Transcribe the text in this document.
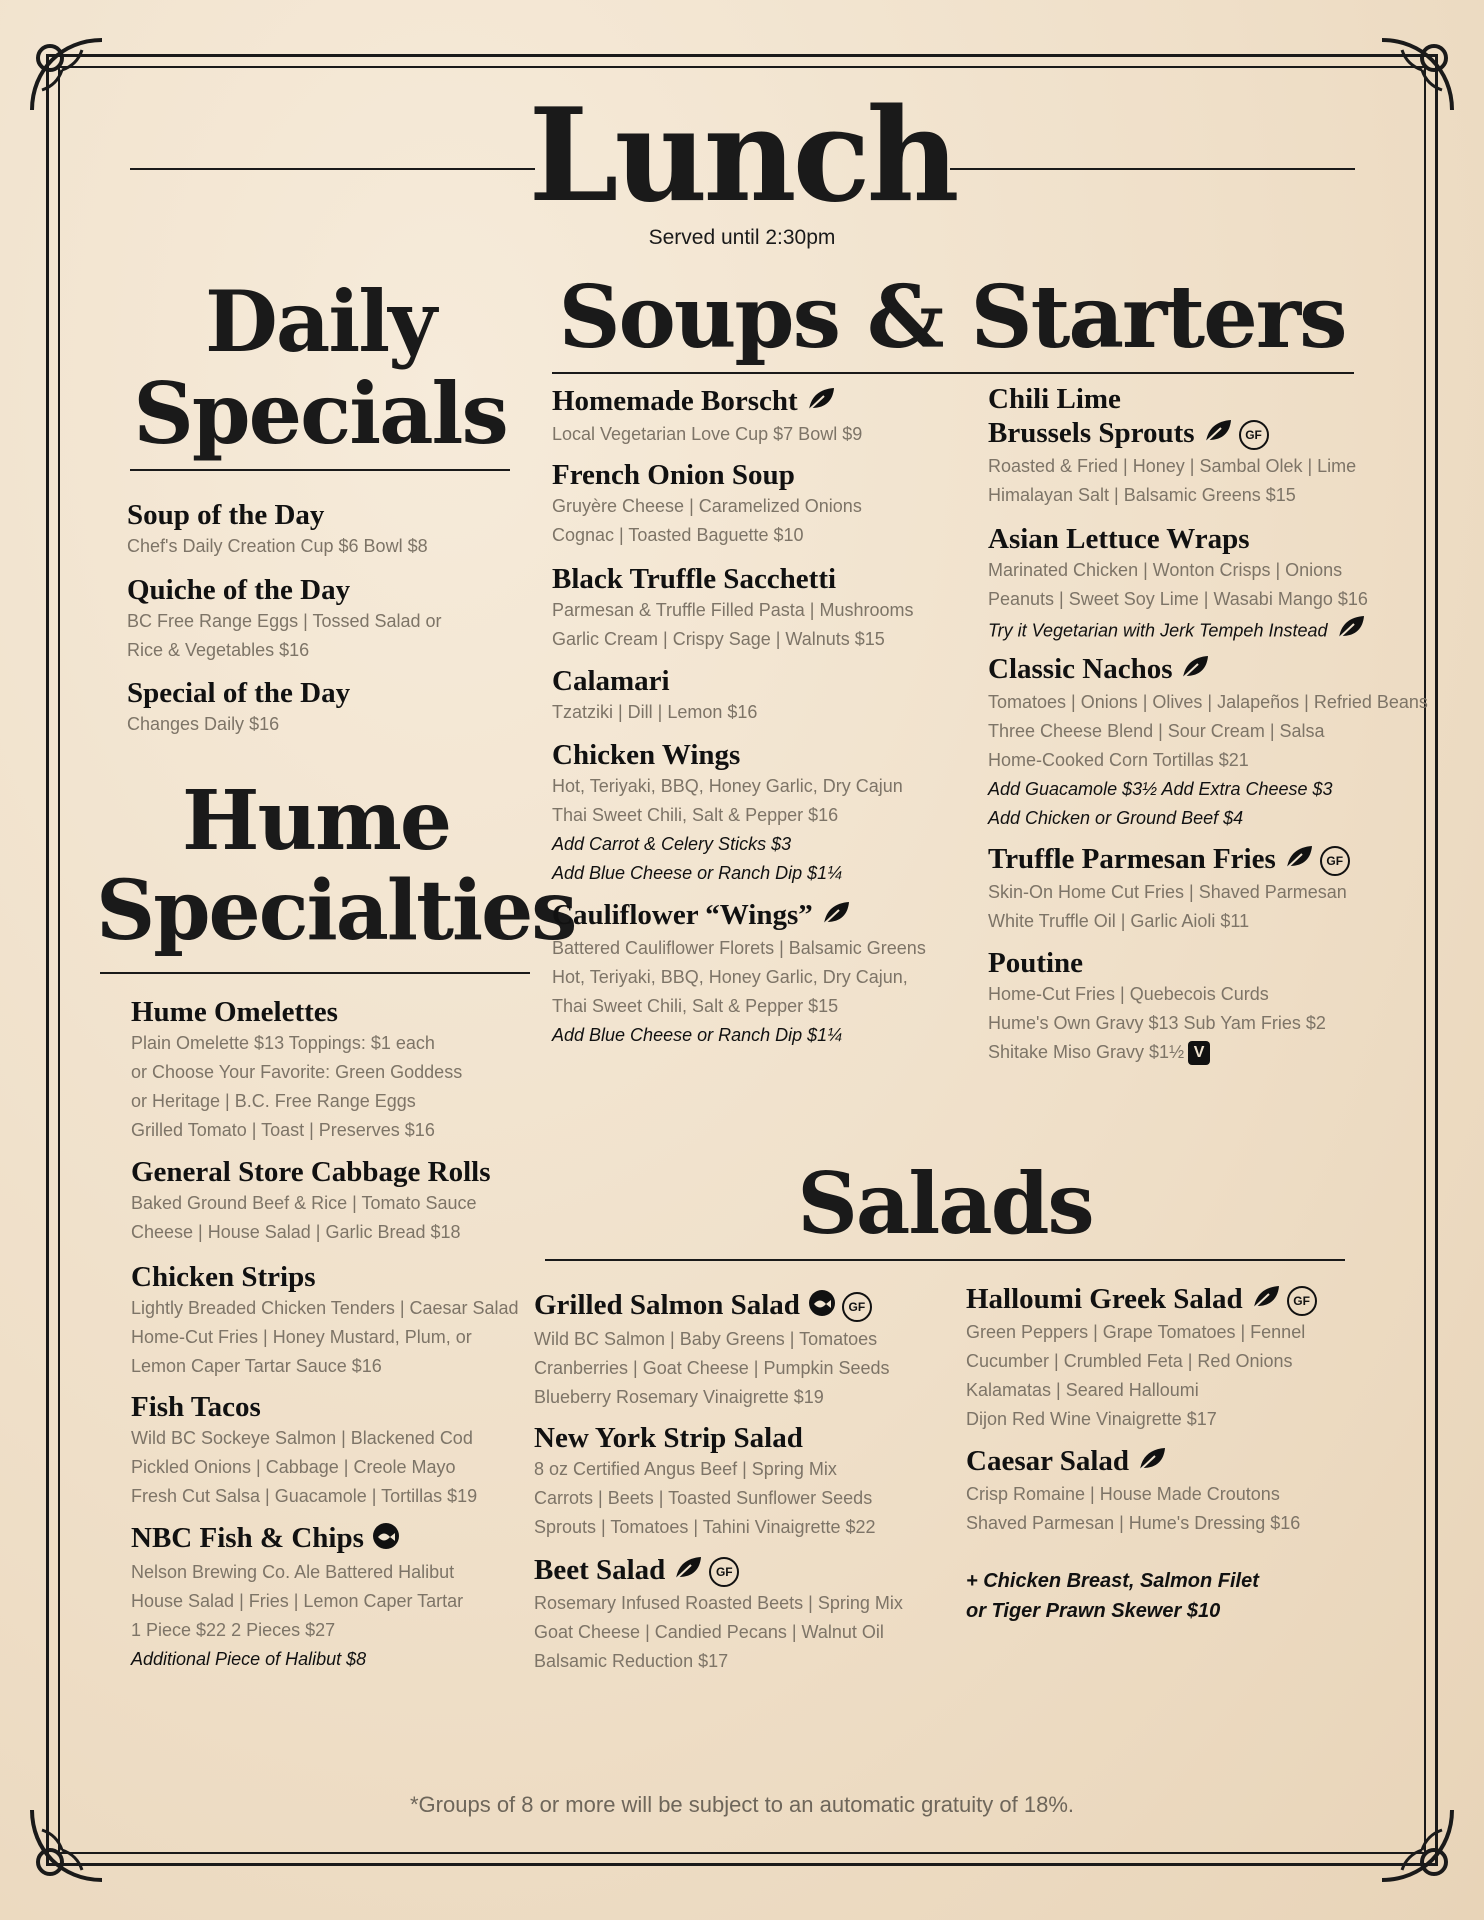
Lunch
Served until 2:30pm
Daily
Specials
Soup of the Day
Chef's Daily Creation Cup $6 Bowl $8
Quiche of the Day
BC Free Range Eggs | Tossed Salad or
Rice & Vegetables $16
Special of the Day
Changes Daily $16
Hume
Specialties
Hume Omelettes
Plain Omelette $13 Toppings: $1 each
or Choose Your Favorite: Green Goddess
or Heritage | B.C. Free Range Eggs
Grilled Tomato | Toast | Preserves $16
General Store Cabbage Rolls
Baked Ground Beef & Rice | Tomato Sauce
Cheese | House Salad | Garlic Bread $18
Chicken Strips
Lightly Breaded Chicken Tenders | Caesar Salad
Home-Cut Fries | Honey Mustard, Plum, or
Lemon Caper Tartar Sauce $16
Fish Tacos
Wild BC Sockeye Salmon | Blackened Cod
Pickled Onions | Cabbage | Creole Mayo
Fresh Cut Salsa | Guacamole | Tortillas $19
NBC Fish & Chips
Nelson Brewing Co. Ale Battered Halibut
House Salad | Fries | Lemon Caper Tartar
1 Piece $22 2 Pieces $27
Additional Piece of Halibut $8
Soups & Starters
Homemade Borscht
Local Vegetarian Love Cup $7 Bowl $9
French Onion Soup
Gruyère Cheese | Caramelized Onions
Cognac | Toasted Baguette $10
Black Truffle Sacchetti
Parmesan & Truffle Filled Pasta | Mushrooms
Garlic Cream | Crispy Sage | Walnuts $15
Calamari
Tzatziki | Dill | Lemon $16
Chicken Wings
Hot, Teriyaki, BBQ, Honey Garlic, Dry Cajun
Thai Sweet Chili, Salt & Pepper $16
Add Carrot & Celery Sticks $3
Add Blue Cheese or Ranch Dip $1¼
Cauliflower “Wings”
Battered Cauliflower Florets | Balsamic Greens
Hot, Teriyaki, BBQ, Honey Garlic, Dry Cajun,
Thai Sweet Chili, Salt & Pepper $15
Add Blue Cheese or Ranch Dip $1¼
Chili Lime
Brussels Sprouts	GF
Roasted & Fried | Honey | Sambal Olek | Lime
Himalayan Salt | Balsamic Greens $15
Asian Lettuce Wraps
Marinated Chicken | Wonton Crisps | Onions
Peanuts | Sweet Soy Lime | Wasabi Mango $16
Try it Vegetarian with Jerk Tempeh Instead
Classic Nachos
Tomatoes | Onions | Olives | Jalapeños | Refried Beans
Three Cheese Blend | Sour Cream | Salsa
Home-Cooked Corn Tortillas $21
Add Guacamole $3½ Add Extra Cheese $3
Add Chicken or Ground Beef $4
Truffle Parmesan Fries	GF
Skin-On Home Cut Fries | Shaved Parmesan
White Truffle Oil | Garlic Aioli $11
Poutine
Home-Cut Fries | Quebecois Curds
Hume's Own Gravy $13 Sub Yam Fries $2
Shitake Miso Gravy $1½ V
Salads
Grilled Salmon Salad	GF
Wild BC Salmon | Baby Greens | Tomatoes
Cranberries | Goat Cheese | Pumpkin Seeds
Blueberry Rosemary Vinaigrette $19
New York Strip Salad
8 oz Certified Angus Beef | Spring Mix
Carrots | Beets | Toasted Sunflower Seeds
Sprouts | Tomatoes | Tahini Vinaigrette $22
Beet Salad	GF
Rosemary Infused Roasted Beets | Spring Mix
Goat Cheese | Candied Pecans | Walnut Oil
Balsamic Reduction $17
Halloumi Greek Salad	GF
Green Peppers | Grape Tomatoes | Fennel
Cucumber | Crumbled Feta | Red Onions
Kalamatas | Seared Halloumi
Dijon Red Wine Vinaigrette $17
Caesar Salad
Crisp Romaine | House Made Croutons
Shaved Parmesan | Hume's Dressing $16
+ Chicken Breast, Salmon Filet
or Tiger Prawn Skewer $10
*Groups of 8 or more will be subject to an automatic gratuity of 18%.
